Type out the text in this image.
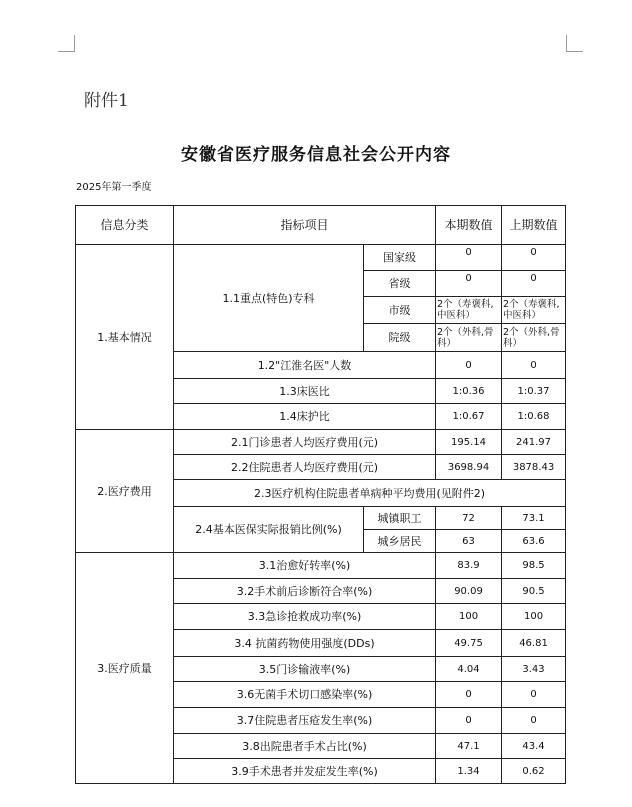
附件1
安徽省医疗服务信息社会公开内容
2025年第一季度
信息分类	指标项目		本期数值	上期数值
1.基本情况	1.1重点(特色)专科	国家级	0	0
		省级	0	0
		市级	2个（寿褒科,中医科）	2个（寿褒科,中医科）
		院级	2个（外科,骨科）	2个（外科,骨科）
	1.2"江淮名医"人数		0	0
	1.3床医比		1:0.36	1:0.37
	1.4床护比		1:0.67	1:0.68
2.医疗费用	2.1门诊患者人均医疗费用(元)		195.14	241.97
	2.2住院患者人均医疗费用(元)		3698.94	3878.43
	2.3医疗机构住院患者单病种平均费用(见附件2)			
	2.4基本医保实际报销比例(%)	城镇职工	72	73.1
		城乡居民	63	63.6
3.医疗质量	3.1治愈好转率(%)		83.9	98.5
	3.2手术前后诊断符合率(%)		90.09	90.5
	3.3急诊抢救成功率(%)		100	100
	3.4 抗菌药物使用强度(DDs)		49.75	46.81
	3.5门诊输液率(%)		4.04	3.43
	3.6无菌手术切口感染率(%)		0	0
	3.7住院患者压疮发生率(%)		0	0
	3.8出院患者手术占比(%)		47.1	43.4
	3.9手术患者并发症发生率(%)		1.34	0.62
